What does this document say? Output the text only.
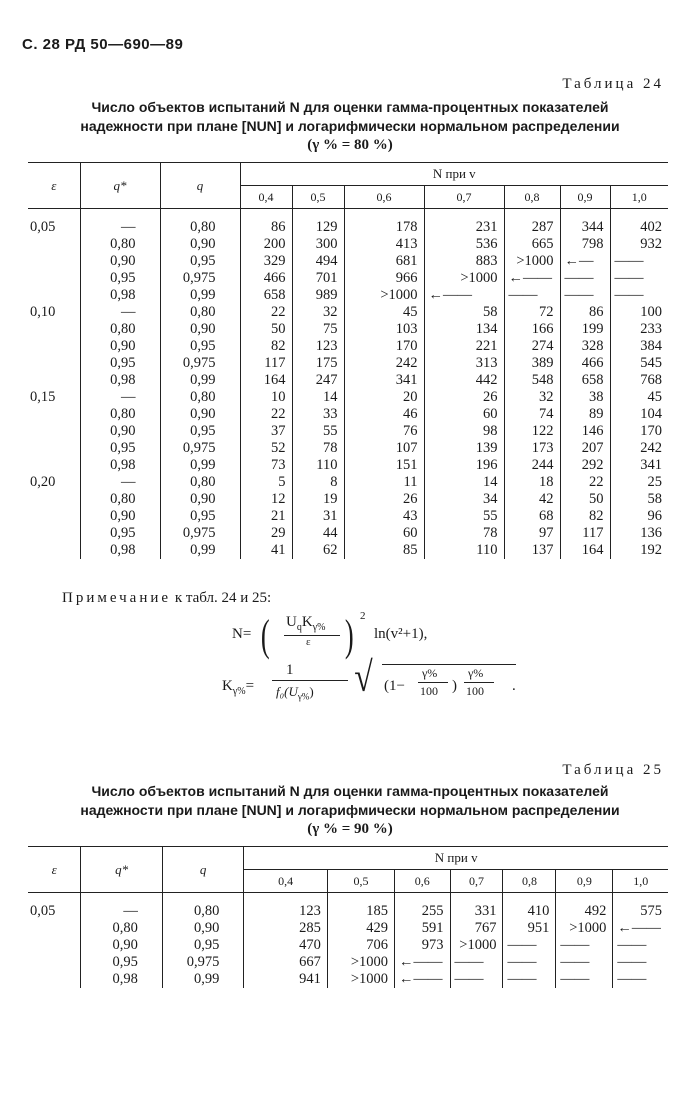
С. 28 РД 50—690—89
Таблица 24
Число объектов испытаний N для оценки гамма-процентных показателей
надежности при плане [NUN] и логарифмически нормальном распределении
(γ % = 80 %)
ε	q*	q	N при v						
			0,4	0,5	0,6	0,7	0,8	0,9	1,0

0,05	—	0,80	86	129	178	231	287	344	402
	0,80	0,90	200	300	413	536	665	798	932
	0,90	0,95	329	494	681	883	>1000	←—	——
	0,95	0,975	466	701	966	>1000	←——	——	——
	0,98	0,99	658	989	>1000	←——	——	——	——
0,10	—	0,80	22	32	45	58	72	86	100
	0,80	0,90	50	75	103	134	166	199	233
	0,90	0,95	82	123	170	221	274	328	384
	0,95	0,975	117	175	242	313	389	466	545
	0,98	0,99	164	247	341	442	548	658	768
0,15	—	0,80	10	14	20	26	32	38	45
	0,80	0,90	22	33	46	60	74	89	104
	0,90	0,95	37	55	76	98	122	146	170
	0,95	0,975	52	78	107	139	173	207	242
	0,98	0,99	73	110	151	196	244	292	341
0,20	—	0,80	5	8	11	14	18	22	25
	0,80	0,90	12	19	26	34	42	50	58
	0,90	0,95	21	31	43	55	68	82	96
	0,95	0,975	29	44	60	78	97	117	136
	0,98	0,99	41	62	85	110	137	164	192
Примечание к табл. 24 и 25:
N= ( $U_qK_{\gamma\%}$
ε ) 2
ln(v²+1),
$K_{\gamma\%}=$
1
$f_0(U_{\gamma\%})$ √ (1−
γ%
100 )
γ%
100 .
Таблица 25
Число объектов испытаний N для оценки гамма-процентных показателей
надежности при плане [NUN] и логарифмически нормальном распределении
(γ % = 90 %)
ε	q*	q	N при v						
			0,4	0,5	0,6	0,7	0,8	0,9	1,0

0,05	—	0,80	123	185	255	331	410	492	575
	0,80	0,90	285	429	591	767	951	>1000	←——
	0,90	0,95	470	706	973	>1000	——	——	——
	0,95	0,975	667	>1000	←——	——	——	——	——
	0,98	0,99	941	>1000	←——	——	——	——	——
